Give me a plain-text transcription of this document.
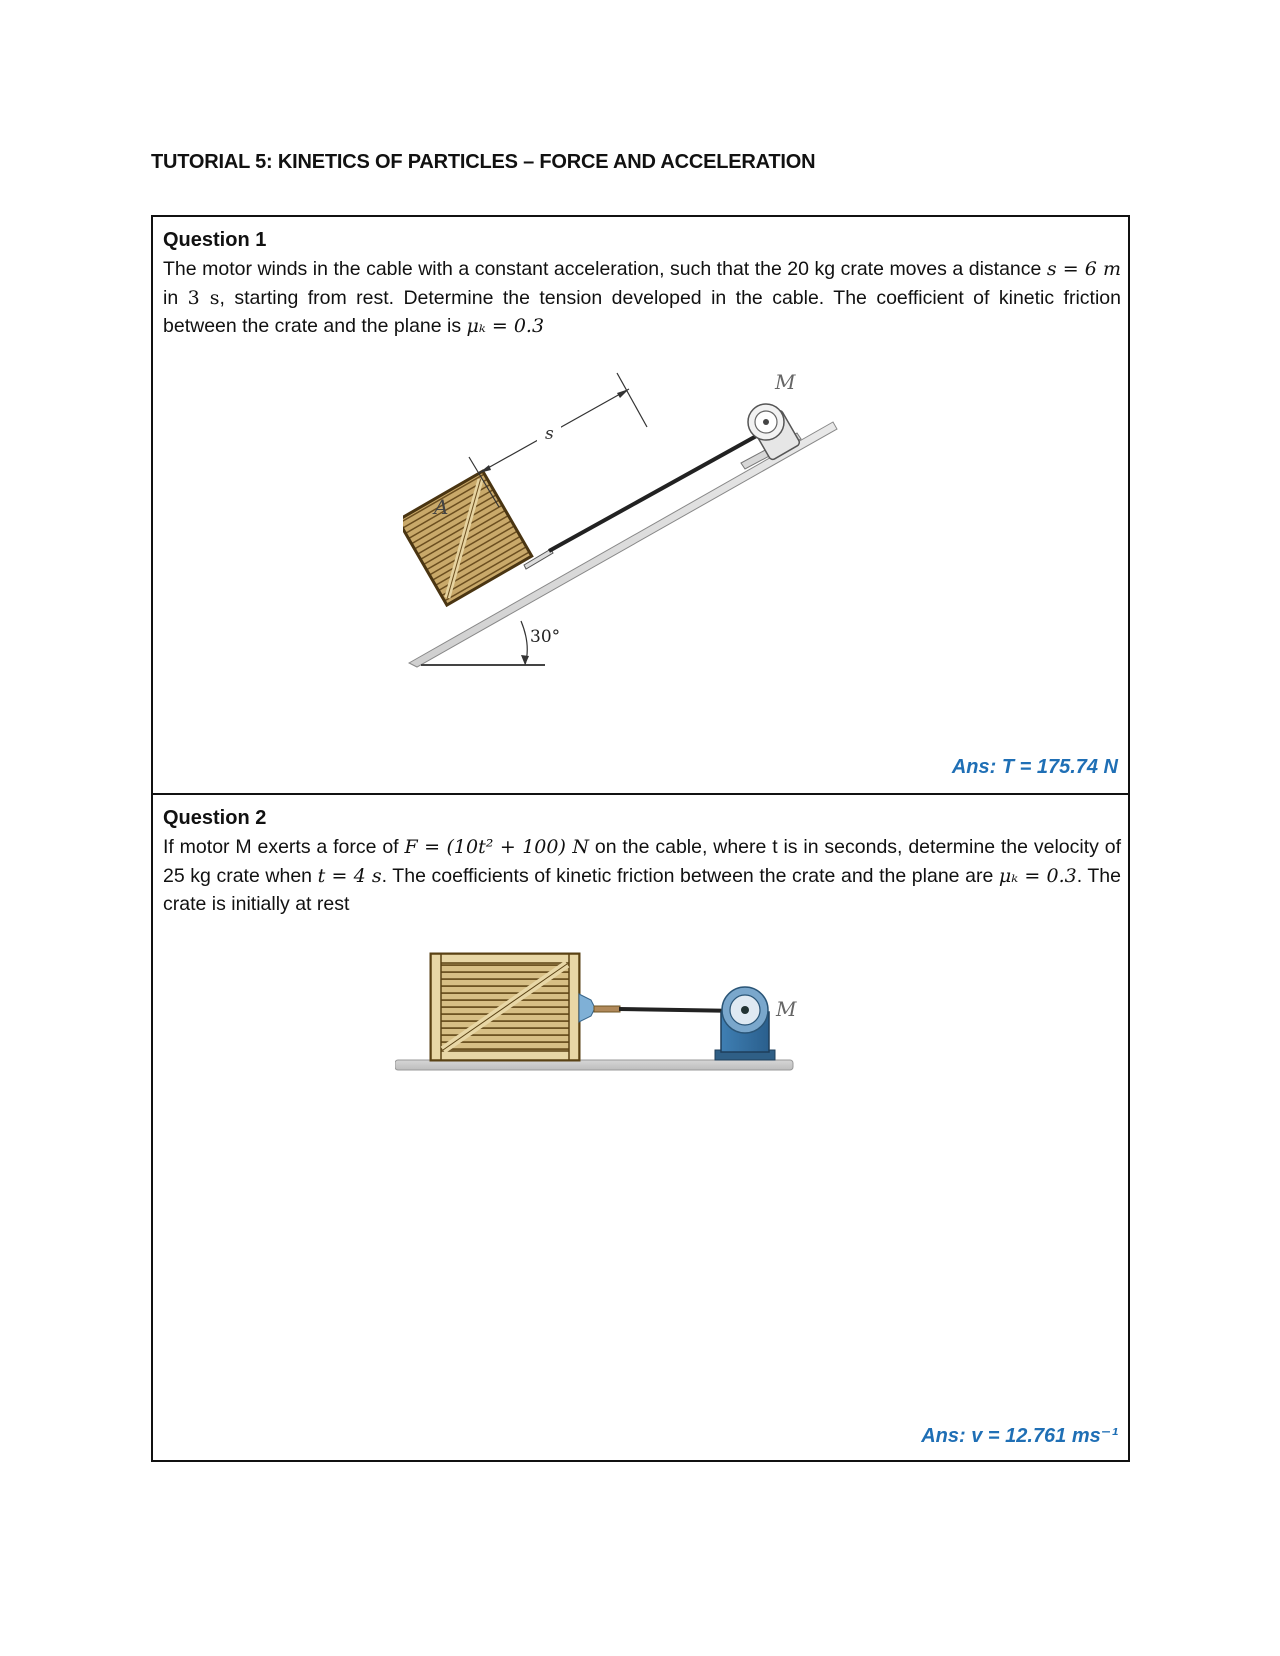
TUTORIAL 5: KINETICS OF PARTICLES – FORCE AND ACCELERATION
Question 1
The motor winds in the cable with a constant acceleration, such that the 20 kg crate moves a distance s = 6 m in 3 s, starting from rest. Determine the tension developed in the cable. The coefficient of kinetic friction between the crate and the plane is μₖ = 0.3
30°
A
M
s
Ans: T = 175.74 N
Question 2
If motor M exerts a force of F = (10t² + 100) N on the cable, where t is in seconds, determine the velocity of 25 kg crate when t = 4 s. The coefficients of kinetic friction between the crate and the plane are μₖ = 0.3. The crate is initially at rest
M
Ans: v = 12.761 ms⁻¹
